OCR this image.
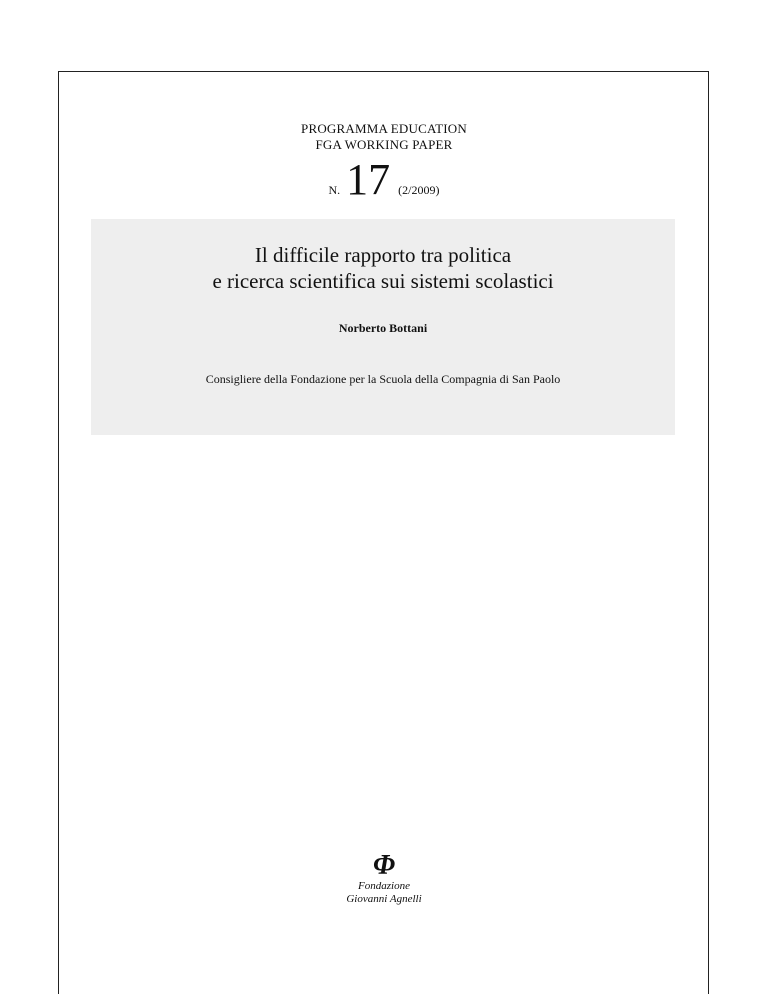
PROGRAMMA EDUCATION
FGA WORKING PAPER
N. 17 (2/2009)
Il difficile rapporto tra politica
e ricerca scientifica sui sistemi scolastici
Norberto Bottani
Consigliere della Fondazione per la Scuola della Compagnia di San Paolo
Φ
Fondazione
Giovanni Agnelli
